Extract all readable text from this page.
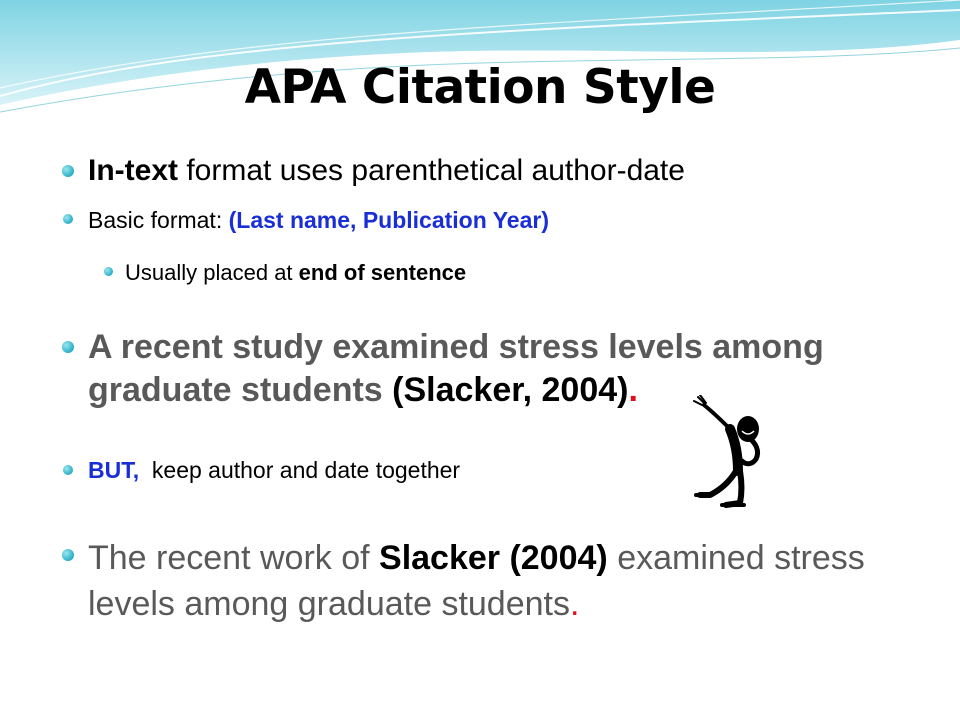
APA Citation Style
In-text format uses parenthetical author-date
Basic format: (Last name, Publication Year)
Usually placed at end of sentence
A recent study examined stress levels among graduate students (Slacker, 2004).
BUT, keep author and date together
The recent work of Slacker (2004) examined stress levels among graduate students.
